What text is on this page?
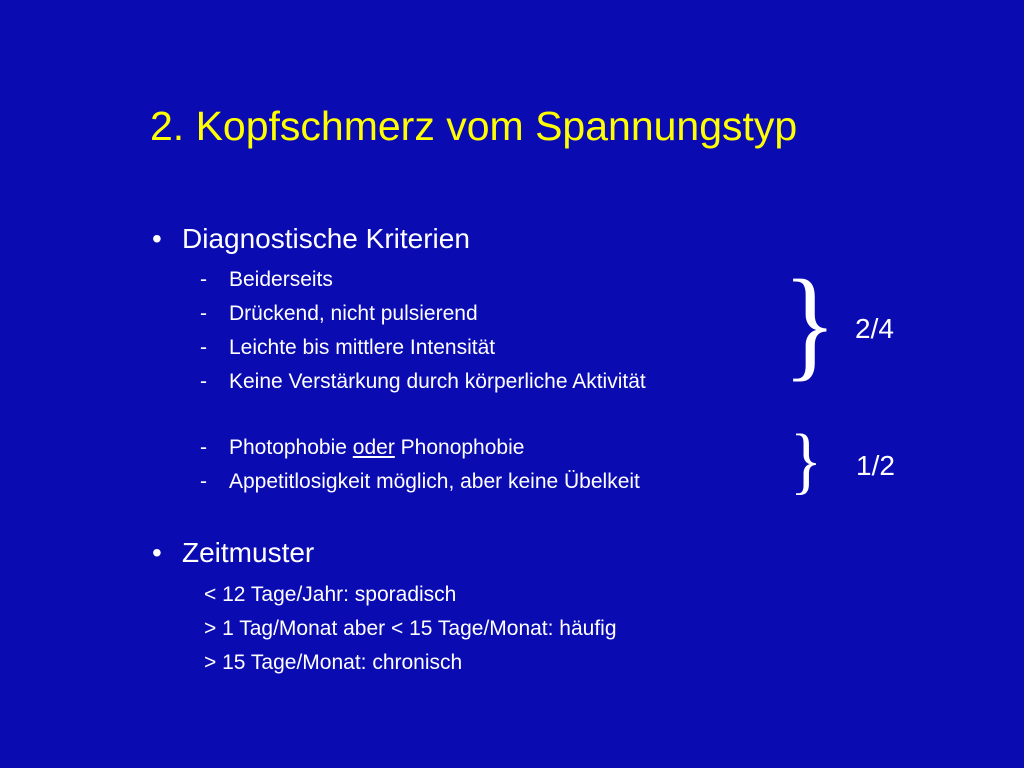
2. Kopfschmerz vom Spannungstyp
• Diagnostische Kriterien
- Beiderseits
- Drückend, nicht pulsierend
- Leichte bis mittlere Intensität
- Keine Verstärkung durch körperliche Aktivität
- Photophobie oder Phonophobie
- Appetitlosigkeit möglich, aber keine Übelkeit
} 2/4
} 1/2
• Zeitmuster
< 12 Tage/Jahr: sporadisch
> 1 Tag/Monat aber < 15 Tage/Monat: häufig
> 15 Tage/Monat: chronisch
